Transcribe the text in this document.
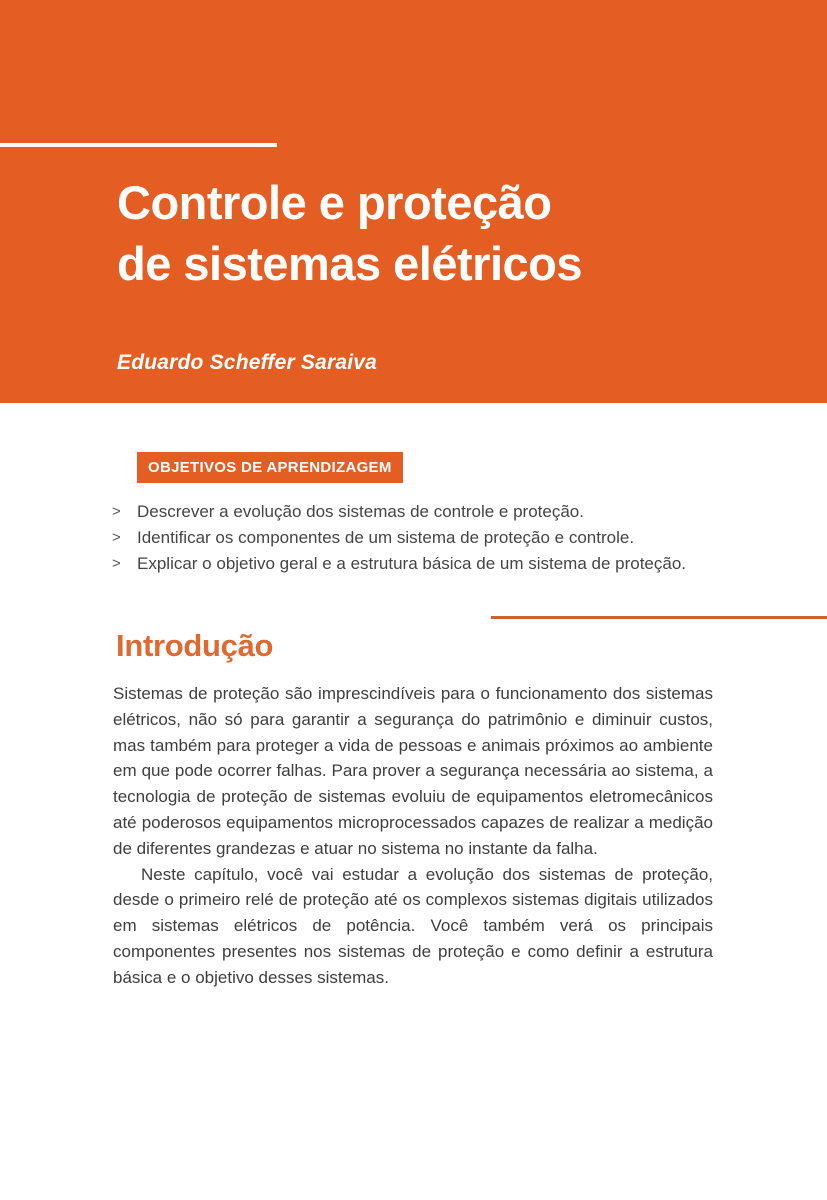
Controle e proteção
de sistemas elétricos
Eduardo Scheffer Saraiva
OBJETIVOS DE APRENDIZAGEM
> Descrever a evolução dos sistemas de controle e proteção.
> Identificar os componentes de um sistema de proteção e controle.
> Explicar o objetivo geral e a estrutura básica de um sistema de proteção.
Introdução

Sistemas de proteção são imprescindíveis para o funcionamento dos sistemas elétricos, não só para garantir a segurança do patrimônio e diminuir custos, mas também para proteger a vida de pessoas e animais próximos ao ambiente em que pode ocorrer falhas. Para prover a segurança necessária ao sistema, a tecnologia de proteção de sistemas evoluiu de equipamentos eletromecânicos até poderosos equipamentos microprocessados capazes de realizar a medição de diferentes grandezas e atuar no sistema no instante da falha.

Neste capítulo, você vai estudar a evolução dos sistemas de proteção, desde o primeiro relé de proteção até os complexos sistemas digitais utilizados em sistemas elétricos de potência. Você também verá os principais componentes presentes nos sistemas de proteção e como definir a estrutura básica e o objetivo desses sistemas.
